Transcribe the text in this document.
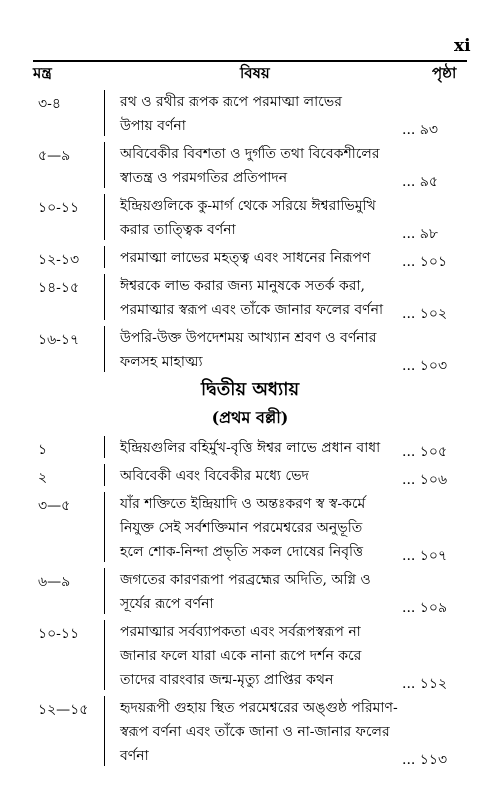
xi
মন্ত্র	বিষয়	পৃষ্ঠা
৩-৪	রথ ও রথীর রূপক রূপে পরমাত্মা লাভের
উপায় বর্ণনা	... ৯৩
৫—৯	অবিবেকীর বিবশতা ও দুর্গতি তথা বিবেকশীলের
স্বাতন্ত্র ও পরমগতির প্রতিপাদন	... ৯৫
১০-১১	ইন্দ্রিয়গুলিকে কু-মার্গ থেকে সরিয়ে ঈশ্বরাভিমুখি
করার তাত্ত্বিক বর্ণনা	... ৯৮
১২-১৩	পরমাত্মা লাভের মহত্ত্ব এবং সাধনের নিরূপণ	... ১০১
১৪-১৫	ঈশ্বরকে লাভ করার জন্য মানুষকে সতর্ক করা,
পরমাত্মার স্বরূপ এবং তাঁকে জানার ফলের বর্ণনা	... ১০২
১৬-১৭	উপরি-উক্ত উপদেশময় আখ্যান শ্রবণ ও বর্ণনার
ফলসহ মাহাত্ম্য	... ১০৩
১	ইন্দ্রিয়গুলির বহির্মুখ-বৃত্তি ঈশ্বর লাভে প্রধান বাধা	... ১০৫
২	অবিবেকী এবং বিবেকীর মধ্যে ভেদ	... ১০৬
৩—৫	যাঁর শক্তিতে ইন্দ্রিয়াদি ও অন্তঃকরণ স্ব স্ব-কর্মে
নিযুক্ত সেই সর্বশক্তিমান পরমেশ্বরের অনুভূতি
হলে শোক-নিন্দা প্রভৃতি সকল দোষের নিবৃত্তি	... ১০৭
৬—৯	জগতের কারণরূপা পরব্রহ্মের অদিতি, অগ্নি ও
সূর্যের রূপে বর্ণনা	... ১০৯
১০-১১	পরমাত্মার সর্বব্যাপকতা এবং সর্বরূপস্বরূপ না
জানার ফলে যারা একে নানা রূপে দর্শন করে
তাদের বারংবার জন্ম-মৃত্যু প্রাপ্তির কথন	... ১১২
১২—১৫ হৃদয়রূপী গুহায় স্থিত পরমেশ্বরের অঙ্গুষ্ঠ পরিমাণ-
স্বরূপ বর্ণনা এবং তাঁকে জানা ও না-জানার ফলের
বর্ণনা	... ১১৩
দ্বিতীয় অধ্যায়
(প্রথম বল্লী)
